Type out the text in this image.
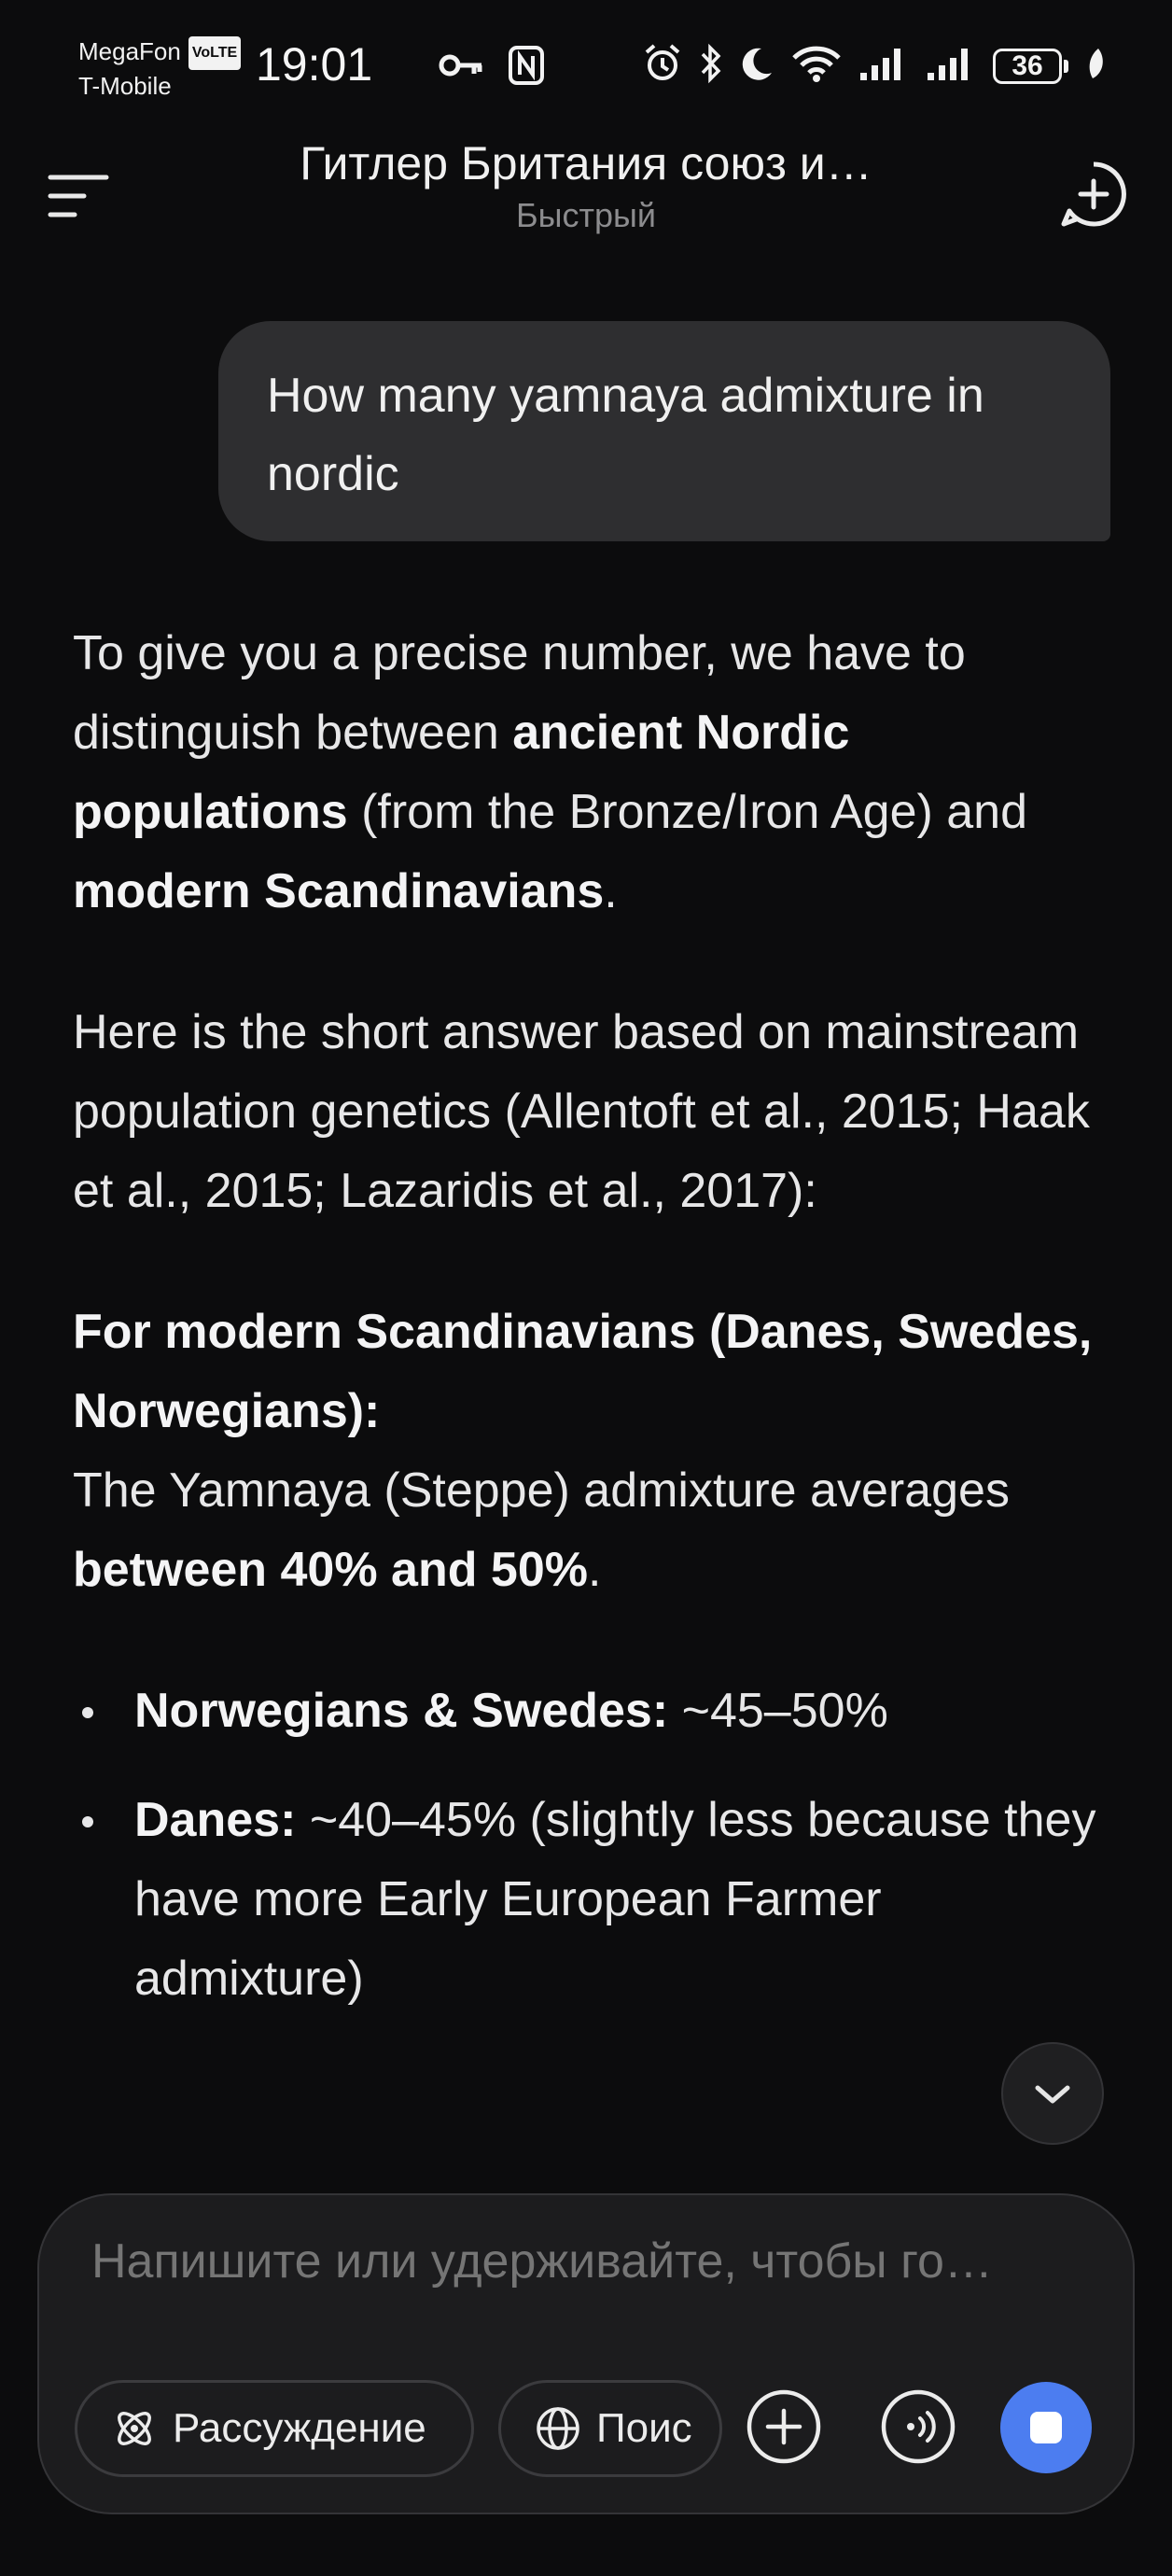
MegaFon VoLTE
T-Mobile	19:01	36
Гитлер Британия союз и…
Быстрый
How many yamnaya admixture in nordic

To give you a precise number, we have to distinguish between ancient Nordic populations (from the Bronze/Iron Age) and modern Scandinavians.

Here is the short answer based on mainstream population genetics (Allentoft et al., 2015; Haak et al., 2015; Lazaridis et al., 2017):

For modern Scandinavians (Danes, Swedes, Norwegians):
The Yamnaya (Steppe) admixture averages between 40% and 50%.

Norwegians & Swedes: ~45–50%
Danes: ~40–45% (slightly less because they have more Early European Farmer admixture)
Напишите или удерживайте, чтобы го…
Рассуждение	Поис
